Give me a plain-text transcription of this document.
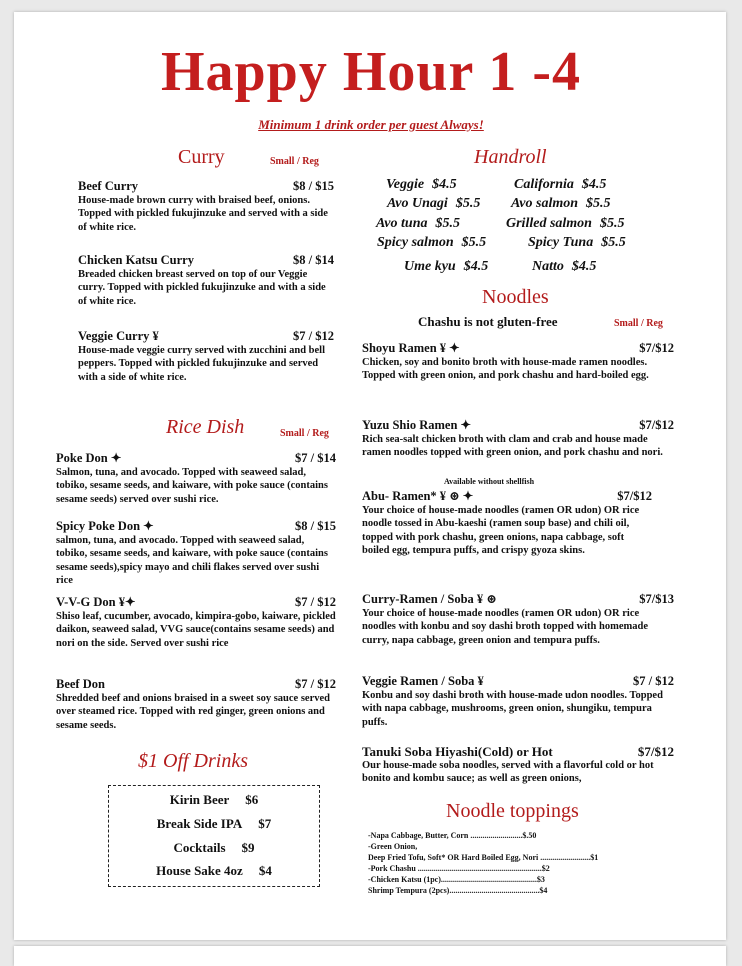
Happy Hour 1 -4
Minimum 1 drink order per guest Always!
Curry	Small / Reg
Beef Curry	$8 / $15
House-made brown curry with braised beef, onions. Topped with pickled fukujinzuke and served with a side of white rice.
Chicken Katsu Curry	$8 / $14
Breaded chicken breast served on top of our Veggie curry. Topped with pickled fukujinzuke and with a side of white rice.
Veggie Curry ¥	$7 / $12
House-made veggie curry served with zucchini and bell peppers. Topped with pickled fukujinzuke and served with a side of white rice.
Rice Dish	Small / Reg
Poke Don ✦	$7 / $14
Salmon, tuna, and avocado. Topped with seaweed salad, tobiko, sesame seeds, and kaiware, with poke sauce (contains sesame seeds) served over sushi rice.
Spicy Poke Don ✦	$8 / $15
salmon, tuna, and avocado. Topped with seaweed salad, tobiko, sesame seeds, and kaiware, with poke sauce (contains sesame seeds),spicy mayo and chili flakes served over sushi rice
V-V-G Don ¥✦	$7 / $12
Shiso leaf, cucumber, avocado, kimpira-gobo, kaiware, pickled daikon, seaweed salad, VVG sauce(contains sesame seeds) and nori on the side. Served over sushi rice
Beef Don	$7 / $12
Shredded beef and onions braised in a sweet soy sauce served over steamed rice. Topped with red ginger, green onions and sesame seeds.
$1 Off Drinks
Kirin Beer $6
Break Side IPA $7
Cocktails $9
House Sake 4oz $4
Handroll
Veggie $4.5	California $4.5
Avo Unagi $5.5 Avo salmon $5.5
Avo tuna $5.5	Grilled salmon $5.5
Spicy salmon $5.5	Spicy Tuna $5.5
Ume kyu $4.5	Natto $4.5
Noodles
Chashu is not gluten-free	Small / Reg
Shoyu Ramen ¥ ✦	$7/$12
Chicken, soy and bonito broth with house-made ramen noodles. Topped with green onion, and pork chashu and hard-boiled egg.
Yuzu Shio Ramen ✦	$7/$12
Rich sea-salt chicken broth with clam and crab and house made ramen noodles topped with green onion, and pork chashu and nori.
Available without shellfish
Abu- Ramen* ¥ ⊛ ✦	$7/$12
Your choice of house-made noodles (ramen OR udon) OR rice noodle tossed in Abu-kaeshi (ramen soup base) and chili oil, topped with pork chashu, green onions, napa cabbage, soft boiled egg, tempura puffs, and crispy gyoza skins.
Curry-Ramen / Soba ¥ ⊛	$7/$13
Your choice of house-made noodles (ramen OR udon) OR rice noodles with konbu and soy dashi broth topped with homemade curry, napa cabbage, green onion and tempura puffs.
Veggie Ramen / Soba ¥	$7 / $12
Konbu and soy dashi broth with house-made udon noodles. Topped with napa cabbage, mushrooms, green onion, shungiku, tempura puffs.
Tanuki Soba Hiyashi(Cold) or Hot	$7/$12
Our house-made soba noodles, served with a flavorful cold or hot bonito and kombu sauce; as well as green onions,
Noodle toppings
-Napa Cabbage, Butter, Corn ..........................$.50
-Green Onion,
Deep Fried Tofu, Soft* OR Hard Boiled Egg, Nori .........................$1
-Pork Chashu ..............................................................$2
-Chicken Katsu (1pc)................................................$3
Shrimp Tempura (2pcs).............................................$4
